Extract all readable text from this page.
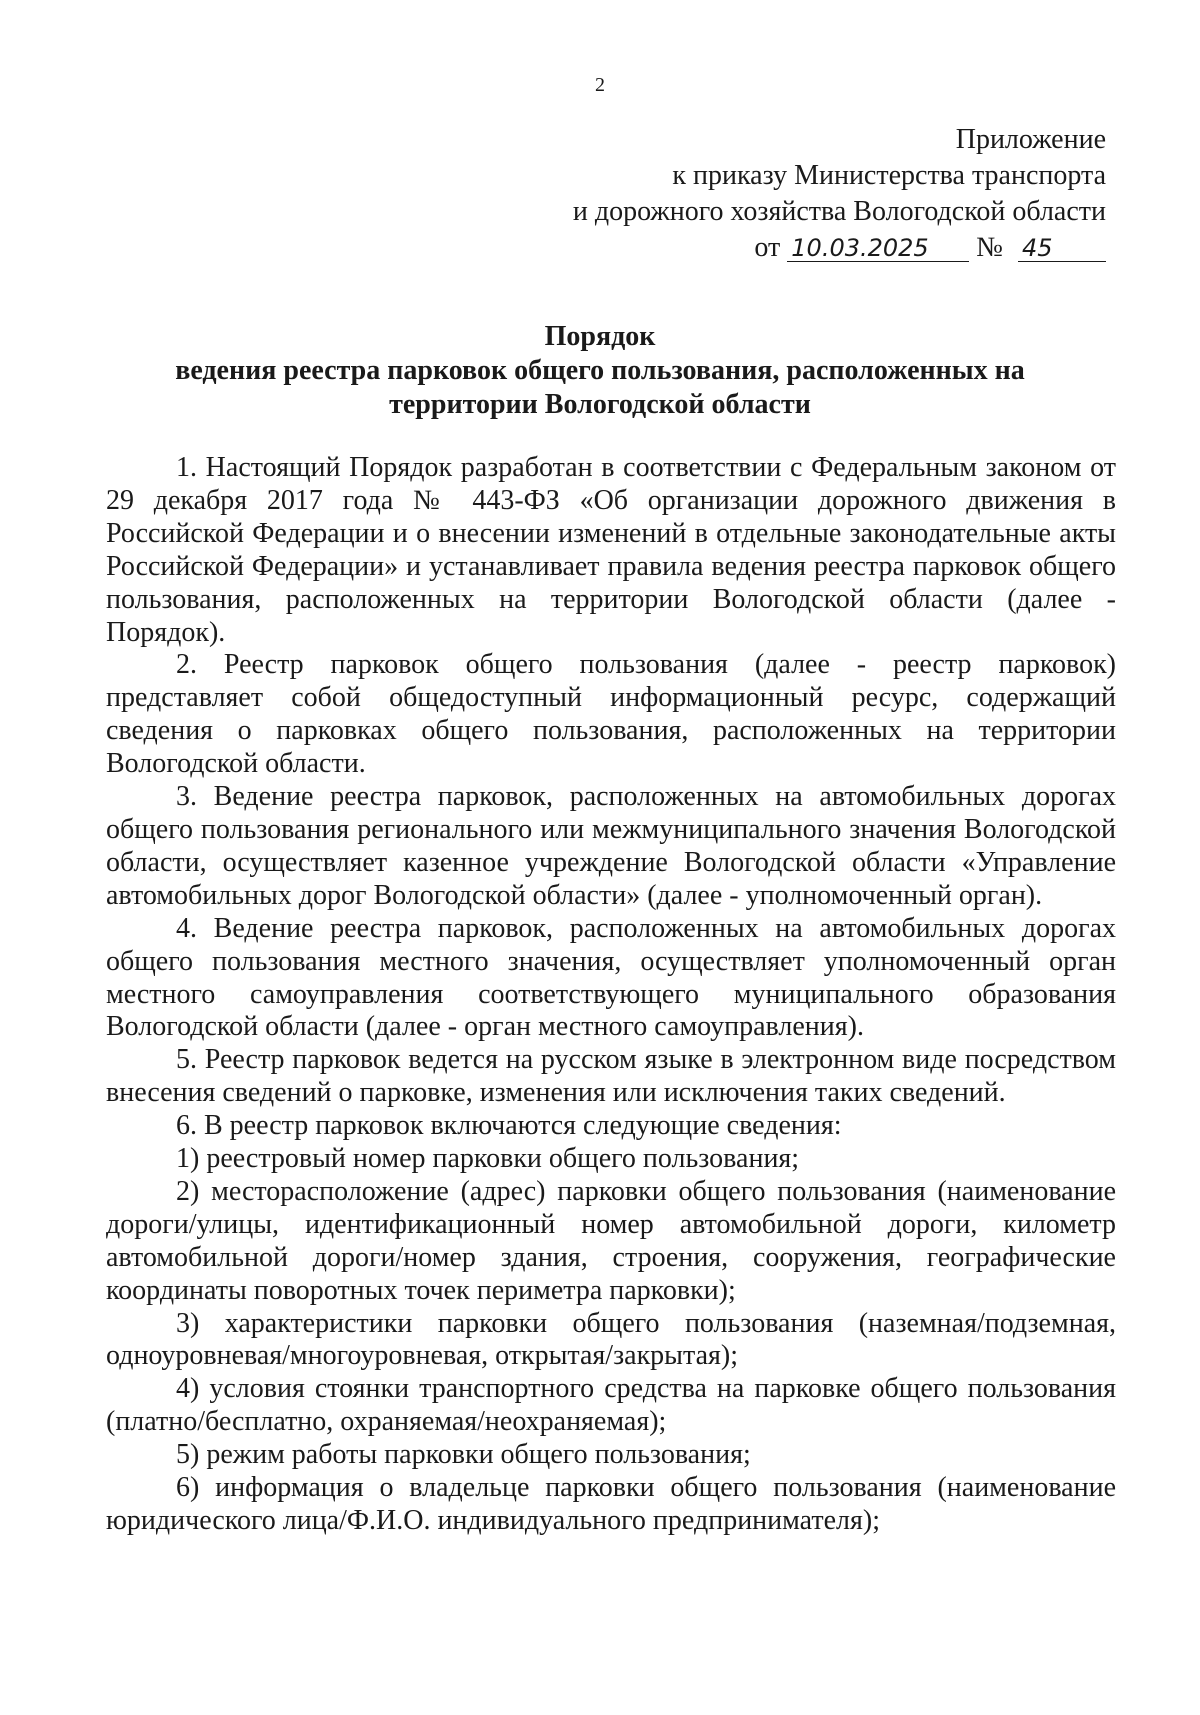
2
Приложение
к приказу Министерства транспорта
и дорожного хозяйства Вологодской области
от 10.03.2025 № 45
Порядок
ведения реестра парковок общего пользования, расположенных на
территории Вологодской области

1. Настоящий Порядок разработан в соответствии с Федеральным законом от 29 декабря 2017 года № 443-ФЗ «Об организации дорожного движения в Российской Федерации и о внесении изменений в отдельные законодательные акты Российской Федерации» и устанавливает правила ведения реестра парковок общего пользования, расположенных на территории Вологодской области (далее - Порядок).

2. Реестр парковок общего пользования (далее - реестр парковок) представляет собой общедоступный информационный ресурс, содержащий сведения о парковках общего пользования, расположенных на территории Вологодской области.

3. Ведение реестра парковок, расположенных на автомобильных дорогах общего пользования регионального или межмуниципального значения Вологодской области, осуществляет казенное учреждение Вологодской области «Управление автомобильных дорог Вологодской области» (далее - уполномоченный орган).

4. Ведение реестра парковок, расположенных на автомобильных дорогах общего пользования местного значения, осуществляет уполномоченный орган местного самоуправления соответствующего муниципального образования Вологодской области (далее - орган местного самоуправления).

5. Реестр парковок ведется на русском языке в электронном виде посредством внесения сведений о парковке, изменения или исключения таких сведений.

6. В реестр парковок включаются следующие сведения:

1) реестровый номер парковки общего пользования;

2) месторасположение (адрес) парковки общего пользования (наименование дороги/улицы, идентификационный номер автомобильной дороги, километр автомобильной дороги/номер здания, строения, сооружения, географические координаты поворотных точек периметра парковки);

3) характеристики парковки общего пользования (наземная/подземная, одноуровневая/многоуровневая, открытая/закрытая);

4) условия стоянки транспортного средства на парковке общего пользования (платно/бесплатно, охраняемая/неохраняемая);

5) режим работы парковки общего пользования;

6) информация о владельце парковки общего пользования (наименование юридического лица/Ф.И.О. индивидуального предпринимателя);
